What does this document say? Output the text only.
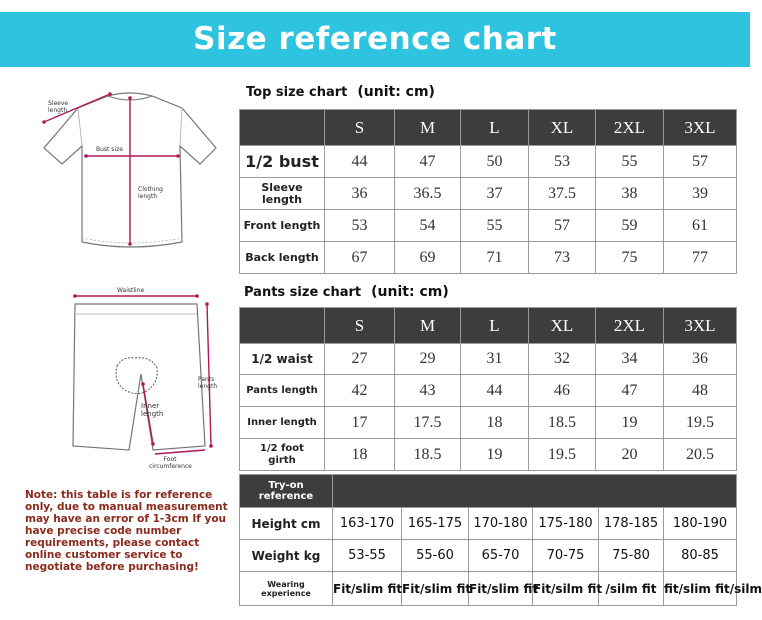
Size reference chart
Sleeve length
Bust size
Clothing length
Waistline
Pants length
Inner length
Foot circumference
Top size chart (unit: cm)
	S	M	L	XL	2XL	3XL
1/2 bust	44	47	50	53	55	57
Sleeve length	36	36.5	37	37.5	38	39
Front length	53	54	55	57	59	61
Back length	67	69	71	73	75	77
Pants size chart (unit: cm)
	S	M	L	XL	2XL	3XL
1/2 waist	27	29	31	32	34	36
Pants length	42	43	44	46	47	48
Inner length	17	17.5	18	18.5	19	19.5
1/2 foot girth	18	18.5	19	19.5	20	20.5
Try-on reference						
Height cm	163-170	165-175	170-180	175-180	178-185	180-190
Weight kg	53-55	55-60	65-70	70-75	75-80	80-85
Wearing experience	Fit/slim fit	Fit/slim fit	Fit/slim fit	Fit/silm fit	/silm fit	fit/slim fit/silm
Note: this table is for reference only, due to manual measurement may have an error of 1-3cm If you have precise code number requirements, please contact online customer service to negotiate before purchasing!
